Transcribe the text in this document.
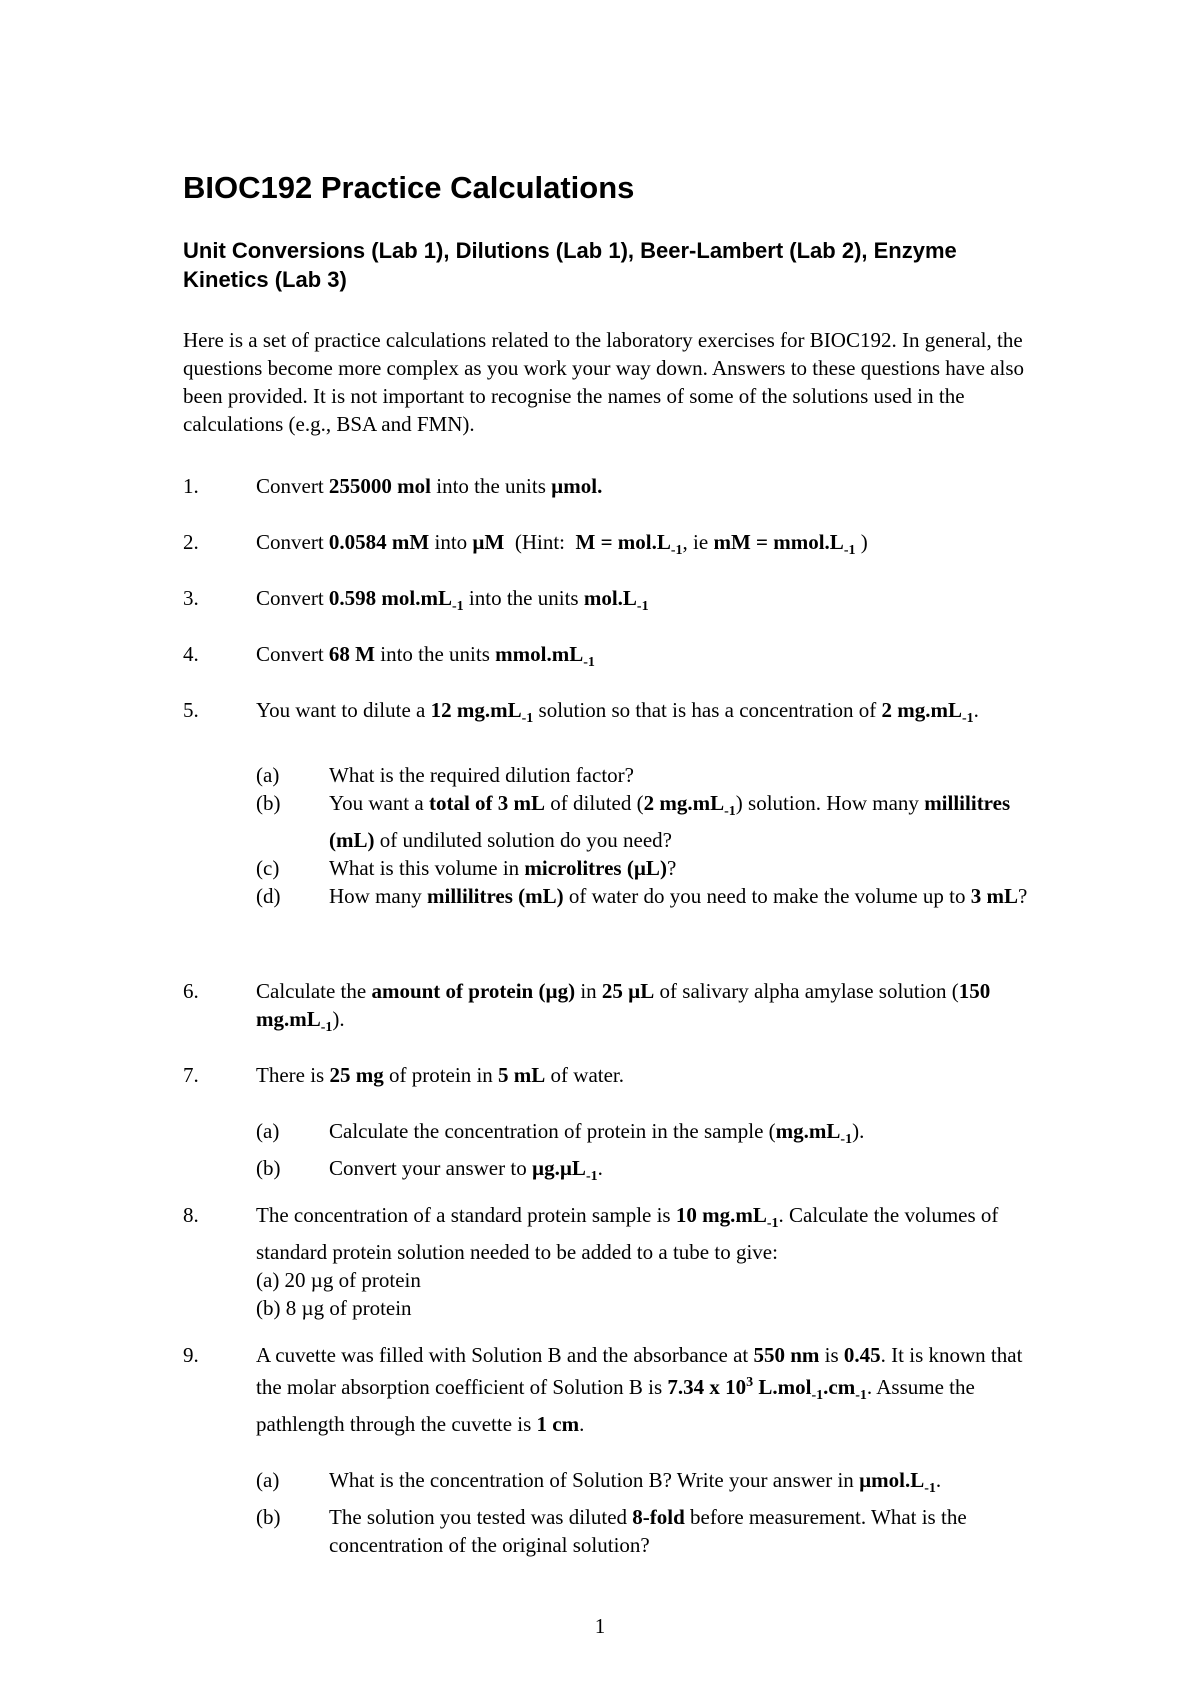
BIOC192 Practice Calculations
Unit Conversions (Lab 1), Dilutions (Lab 1), Beer-Lambert (Lab 2), Enzyme Kinetics (Lab 3)
Here is a set of practice calculations related to the laboratory exercises for BIOC192. In general, the questions become more complex as you work your way down. Answers to these questions have also been provided. It is not important to recognise the names of some of the solutions used in the calculations (e.g., BSA and FMN).
1.	Convert 255000 mol into the units µmol.
2.	Convert 0.0584 mM into µM  (Hint:  $M = mol.L_{-1}$, ie mM = $mmol.L_{-1}$ )
3.	Convert 0.598 $mol.mL_{-1}$ into the units $mol.L_{-1}$
4.	Convert 68 M into the units $mmol.mL_{-1}$
5.	You want to dilute a 12 $mg.mL_{-1}$ solution so that is has a concentration of 2 $mg.mL_{-1}$.
(a) What is the required dilution factor?
(b) You want a total of 3 mL of diluted (2 $mg.mL_{-1}$) solution. How many millilitres (mL) of undiluted solution do you need?
(c) What is this volume in microlitres (µL)?
(d) How many millilitres (mL) of water do you need to make the volume up to 3 mL?
6.	Calculate the amount of protein (µg) in 25 µL of salivary alpha amylase solution (150 $mg.mL_{-1}$).
7.	There is 25 mg of protein in 5 mL of water.
(a) Calculate the concentration of protein in the sample $(mg.mL_{-1})$.
(b) Convert your answer to µg.µL$_{-1}$.
8.	The concentration of a standard protein sample is 10 $mg.mL_{-1}$. Calculate the volumes of standard protein solution needed to be added to a tube to give:
(a) 20 µg of protein
(b) 8 µg of protein
9.	A cuvette was filled with Solution B and the absorbance at 550 nm is 0.45. It is known that the molar absorption coefficient of Solution B is 7.34 x $10^3$ $L.mol_{-1}.cm_{-1}$. Assume the pathlength through the cuvette is 1 cm.
(a) What is the concentration of Solution B? Write your answer in $\mu mol.L_{-1}$.
(b) The solution you tested was diluted 8-fold before measurement. What is the concentration of the original solution?
1
